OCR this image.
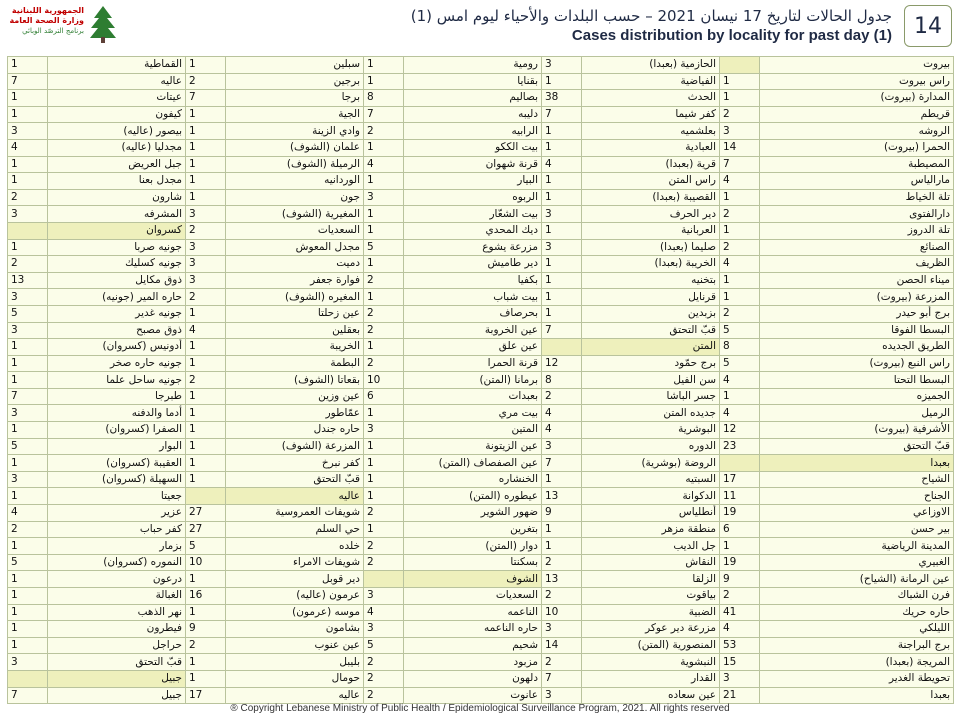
الجمهورية اللبنانية
وزارة الصحة العامة
برنامج الترصّد الوبائي
جدول الحالات لتاريخ 17 نيسان 2021 – حسب البلدات والأحياء ليوم امس (1)
Cases distribution by locality for past day (1)	14
1	القماطية	1	سبلين	1	رومية	3	الحازمية (بعبدا)		بيروت
7	عاليه	2	برجين	1	بقنايا	1	الفياضية	1	راس بيروت
1	عيتات	7	برجا	8	بصاليم	38	الحدث	1	المدارة (بيروت)
1	كيفون	1	الجية	7	دليبه	7	كفر شيما	2	قريطم
3	بيصور (عاليه)	1	وادي الزينة	2	الرابيه	1	بعلشميه	3	الروشه
4	مجدليا (عاليه)	1	علمان (الشوف)	1	بيت الككو	1	العبادية	14	الحمرا (بيروت)
1	جبل العريض	1	الرميلة (الشوف)	4	قرنة شهوان	4	قرية (بعبدا)	7	المصيطبة
1	مجدل بعنا	1	الوردانيه	1	البيار	1	راس المتن	4	مارالياس
2	شارون	1	جون	3	الربوه	1	القصيبة (بعبدا)	1	تلة الخياط
3	المشرفه	3	المغيرية (الشوف)	1	بيت الشعّار	3	دير الحرف	2	دارالفتوى
	كسروان	2	السعديات	1	ديك المحدي	1	العربانية	1	تلة الدروز
1	جونيه صربا	3	مجدل المعوش	5	مزرعة يشوع	3	صليما (بعبدا)	2	الصنائع
2	جونيه كسليك	3	دميت	1	دير طاميش	1	الخريبة (بعبدا)	4	الظريف
13	ذوق مكايل	3	فوارة جعفر	2	بكفيا	1	بتخنيه	1	ميناء الحصن
3	حاره المير (جونيه)	2	المغيره (الشوف)	1	بيت شباب	1	قرنايل	1	المزرعة (بيروت)
5	جونيه غدير	1	عين زحلتا	2	بحرصاف	1	بزبدين	2	برج أبو حيدر
3	ذوق مصبح	4	بعقلين	2	عين الخروبة	7	قبّ التحتق	5	البسطا الفوقا
1	أدونيس (كسروان)	1	الخريبة	1	عين علق		المتن	8	الطريق الجديده
1	جونيه حاره صخر	1	البطمة	2	قرنة الحمرا	12	برج حمّود	5	راس النبع (بيروت)
1	جونيه ساحل علما	2	بقعاتا (الشوف)	10	برمانا (المتن)	8	سن الفيل	4	البسطا التحتا
7	طبرجا	1	عين وزين	6	بعبدات	2	جسر الباشا	1	الجميزه
3	أدما والدفنه	1	عمّاطور	1	بيت مري	4	جديده المتن	4	الرميل
1	الصفرا (كسروان)	1	حاره جندل	3	المتين	4	البوشرية	12	الأشرفية (بيروت)
5	البوار	1	المزرعة (الشوف)	1	عين الزيتونة	3	الدوره	23	قبّ التحتق
1	العقيبة (كسروان)	1	كفر نبرخ	1	عين الصفصاف (المتن)	7	الروضة (بوشرية)		بعبدا
3	السهيلة (كسروان)	1	قبّ التحتق	1	الخنشاره	1	السبتيه	17	الشياح
1	جعيتا		عاليه	1	عيطوره (المتن)	13	الدكوانة	11	الجناح
4	عزير	27	شويفات العمروسية	2	ضهور الشوير	9	أنطلياس	19	الاوزاعي
2	كفر حباب	27	حي السلم	1	بتغرين	1	منطقة مزهر	6	بير حسن
1	بزمار	5	خلده	2	دوار (المتن)	1	جل الديب	1	المدينة الرياضية
5	النموره (كسروان)	10	شويفات الامراء	2	بسكنتا	2	النقاش	19	الغبيري
1	درعون	1	دير قوبل		الشوف	13	الزلقا	9	عين الرمانة (الشياح)
1	الغبالة	16	عرمون (عاليه)	3	السعديات	2	بياقوت	2	فرن الشباك
1	نهر الذهب	1	موسه (عرمون)	4	الناعمه	10	الضبية	41	حاره حريك
1	فيطرون	9	بشامون	3	حاره الناعمه	3	مزرعة دير عوكر	4	الليلكي
1	حراجل	2	عين عنوب	5	شحيم	14	المنصورية (المتن)	53	برج البراجنة
3	قبّ التحتق	1	بليبل	2	مزبود	2	النبشوية	15	المريجة (بعبدا)
	جبيل	1	حومال	2	دلهون	7	القدار	3	تحويطة الغدير
7	جبيل	17	عاليه	2	عانوت	3	عين سعاده	21	بعبدا
® Copyright Lebanese Ministry of Public Health / Epidemiological Surveillance Program, 2021. All rights reserved
